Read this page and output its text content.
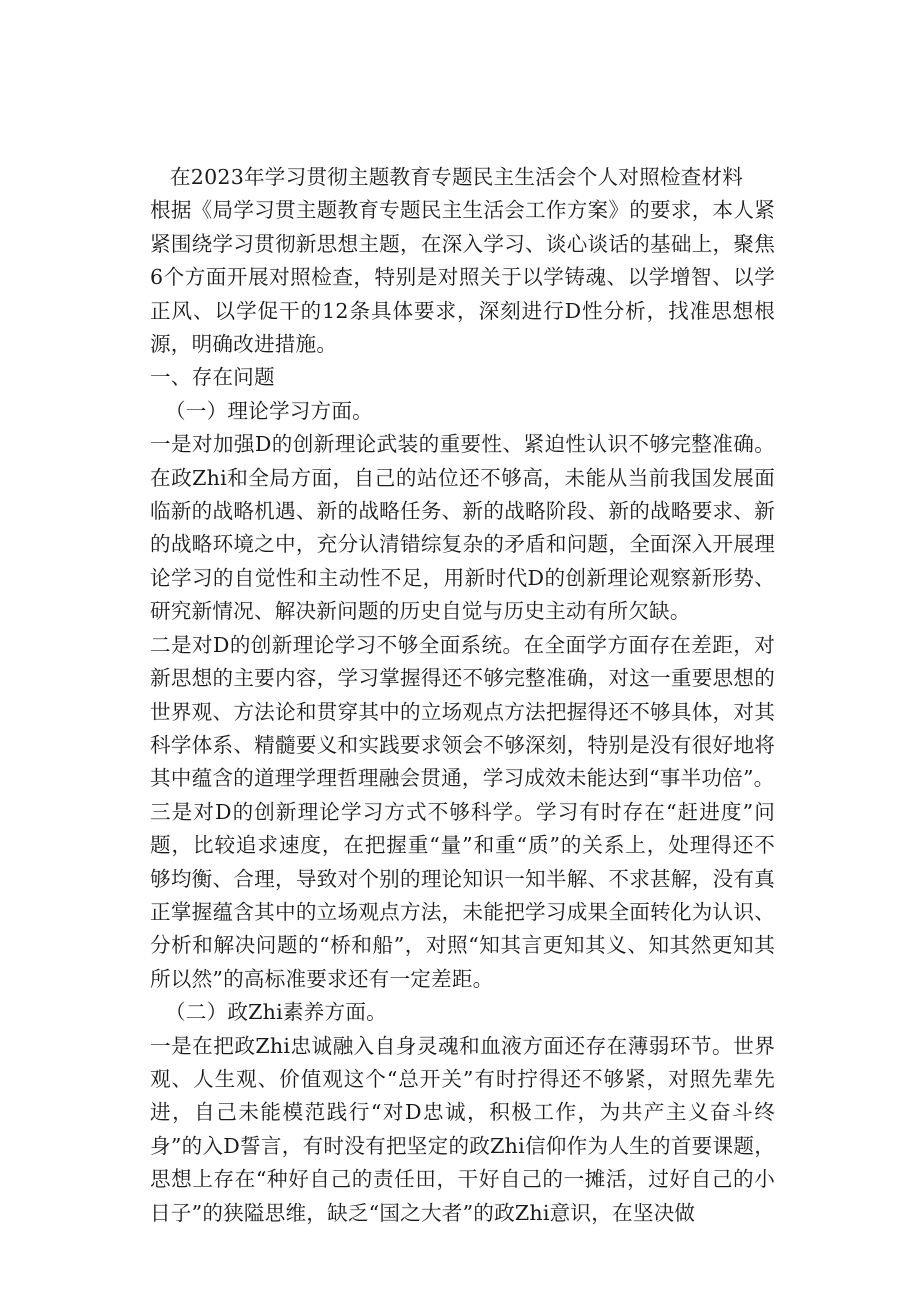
在2023年学习贯彻主题教育专题民主生活会个人对照检查材料

根据《局学习贯主题教育专题民主生活会工作方案》的要求，本人紧紧围绕学习贯彻新思想主题，在深入学习、谈心谈话的基础上，聚焦6个方面开展对照检查，特别是对照关于以学铸魂、以学增智、以学正风、以学促干的12条具体要求，深刻进行D性分析，找准思想根源，明确改进措施。

一、存在问题

（一）理论学习方面。

一是对加强D的创新理论武装的重要性、紧迫性认识不够完整准确。在政Zhi和全局方面，自己的站位还不够高，未能从当前我国发展面临新的战略机遇、新的战略任务、新的战略阶段、新的战略要求、新的战略环境之中，充分认清错综复杂的矛盾和问题，全面深入开展理论学习的自觉性和主动性不足，用新时代D的创新理论观察新形势、研究新情况、解决新问题的历史自觉与历史主动有所欠缺。

二是对D的创新理论学习不够全面系统。在全面学方面存在差距，对新思想的主要内容，学习掌握得还不够完整准确，对这一重要思想的世界观、方法论和贯穿其中的立场观点方法把握得还不够具体，对其科学体系、精髓要义和实践要求领会不够深刻，特别是没有很好地将其中蕴含的道理学理哲理融会贯通，学习成效未能达到“事半功倍”。

三是对D的创新理论学习方式不够科学。学习有时存在“赶进度”问题，比较追求速度，在把握重“量”和重“质”的关系上，处理得还不够均衡、合理，导致对个别的理论知识一知半解、不求甚解，没有真正掌握蕴含其中的立场观点方法，未能把学习成果全面转化为认识、分析和解决问题的“桥和船”，对照“知其言更知其义、知其然更知其所以然”的高标准要求还有一定差距。

（二）政Zhi素养方面。

一是在把政Zhi忠诚融入自身灵魂和血液方面还存在薄弱环节。世界观、人生观、价值观这个“总开关”有时拧得还不够紧，对照先辈先进，自己未能模范践行“对D忠诚，积极工作，为共产主义奋斗终身”的入D誓言，有时没有把坚定的政Zhi信仰作为人生的首要课题，思想上存在“种好自己的责任田，干好自己的一摊活，过好自己的小日子”的狭隘思维，缺乏“国之大者”的政Zhi意识，在坚决做
